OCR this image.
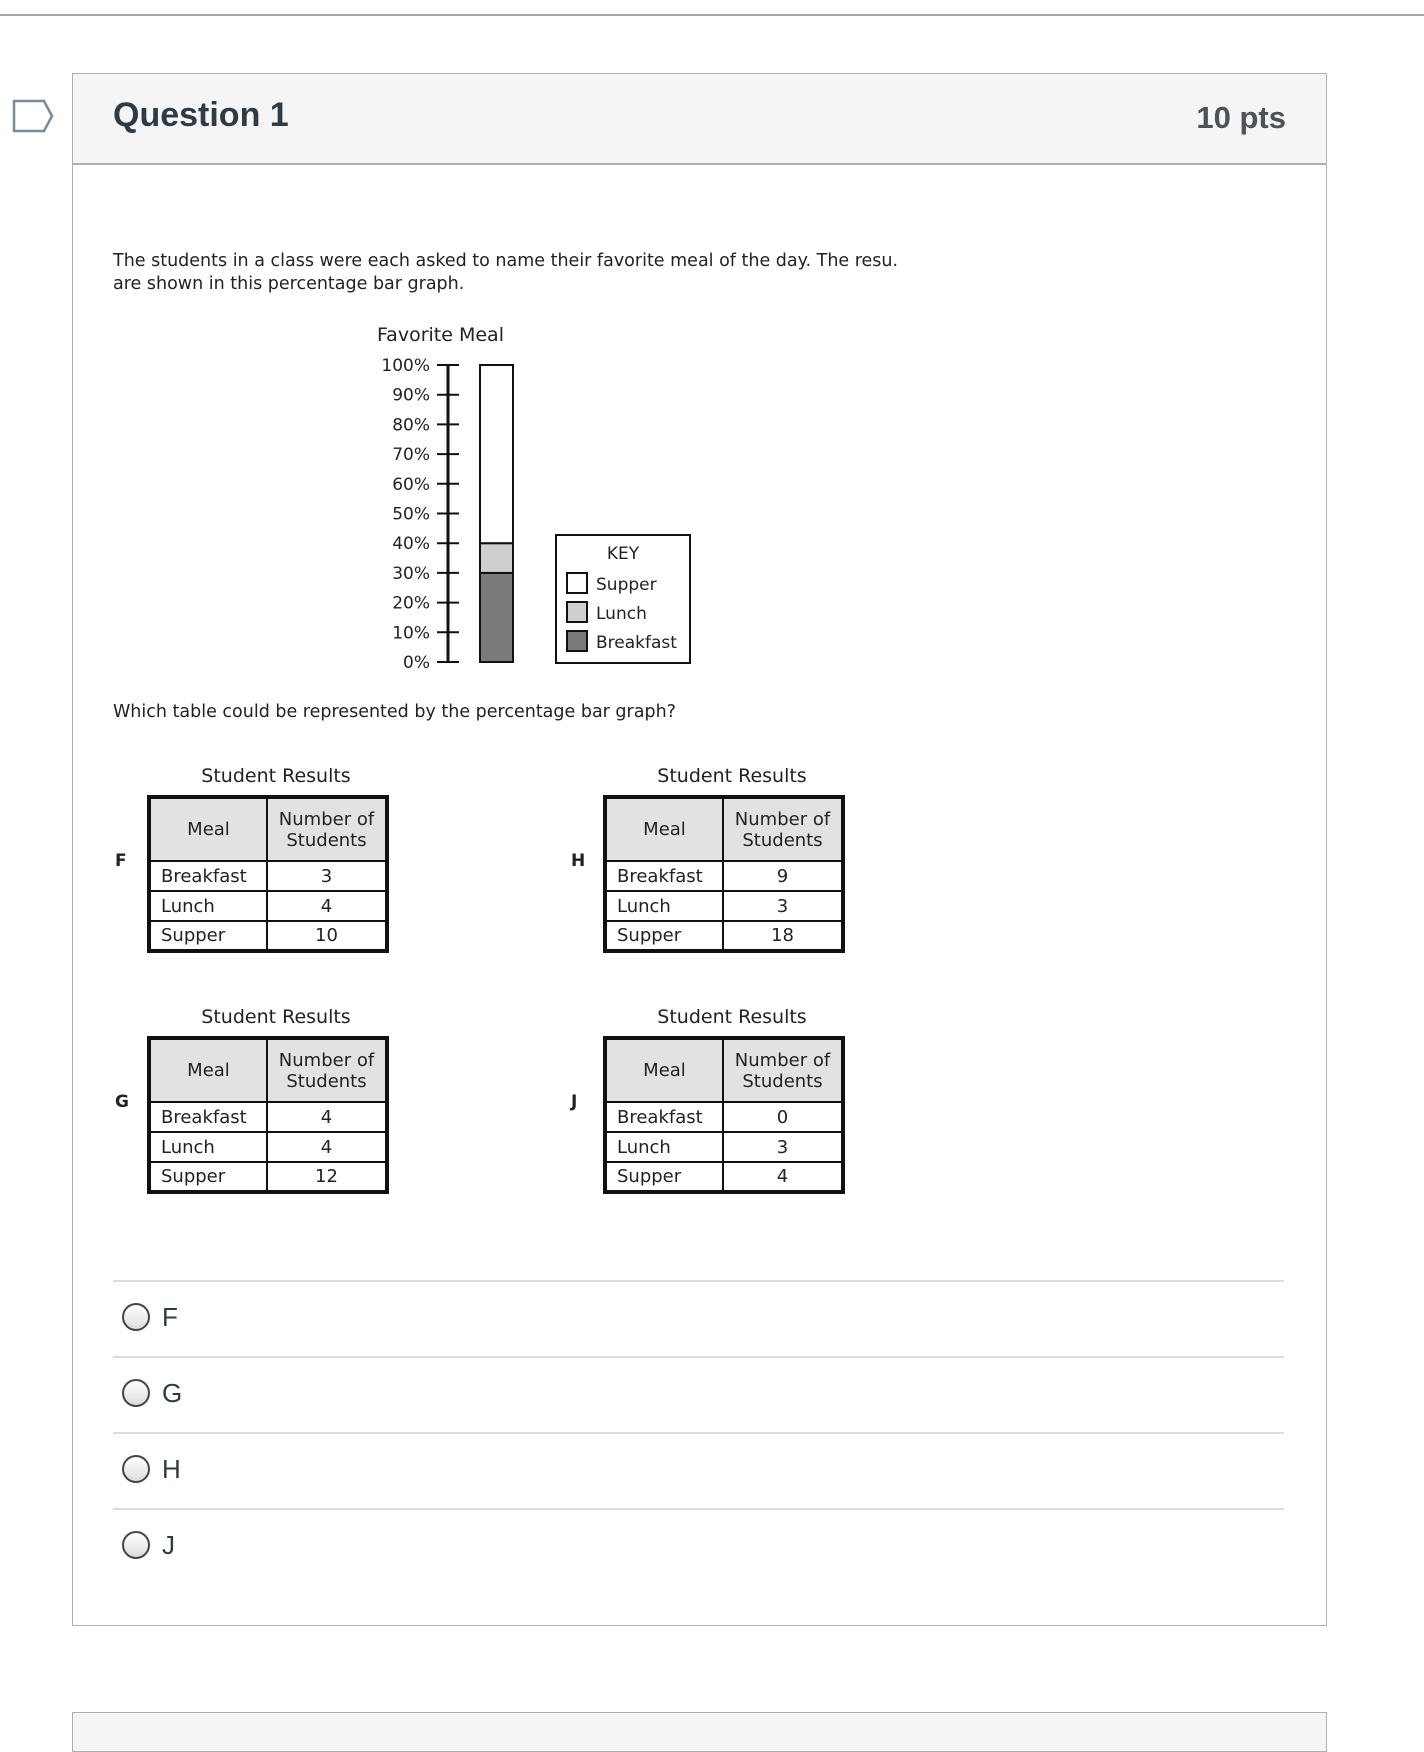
Question 1	10 pts
The students in a class were each asked to name their favorite meal of the day. The resu.
are shown in this percentage bar graph.
Favorite Meal
0%
10%
20%
30%
40%
50%
60%
70%
80%
90%
100%
KEY
Supper
Lunch
Breakfast
Which table could be represented by the percentage bar graph?
Student Results
F
Meal	Number of Students
Breakfast	3
Lunch	4
Supper	10
Student Results
H
Meal	Number of Students
Breakfast	9
Lunch	3
Supper	18
Student Results
G
Meal	Number of Students
Breakfast	4
Lunch	4
Supper	12
Student Results
J
Meal	Number of Students
Breakfast	0
Lunch	3
Supper	4
F
G
H
J
